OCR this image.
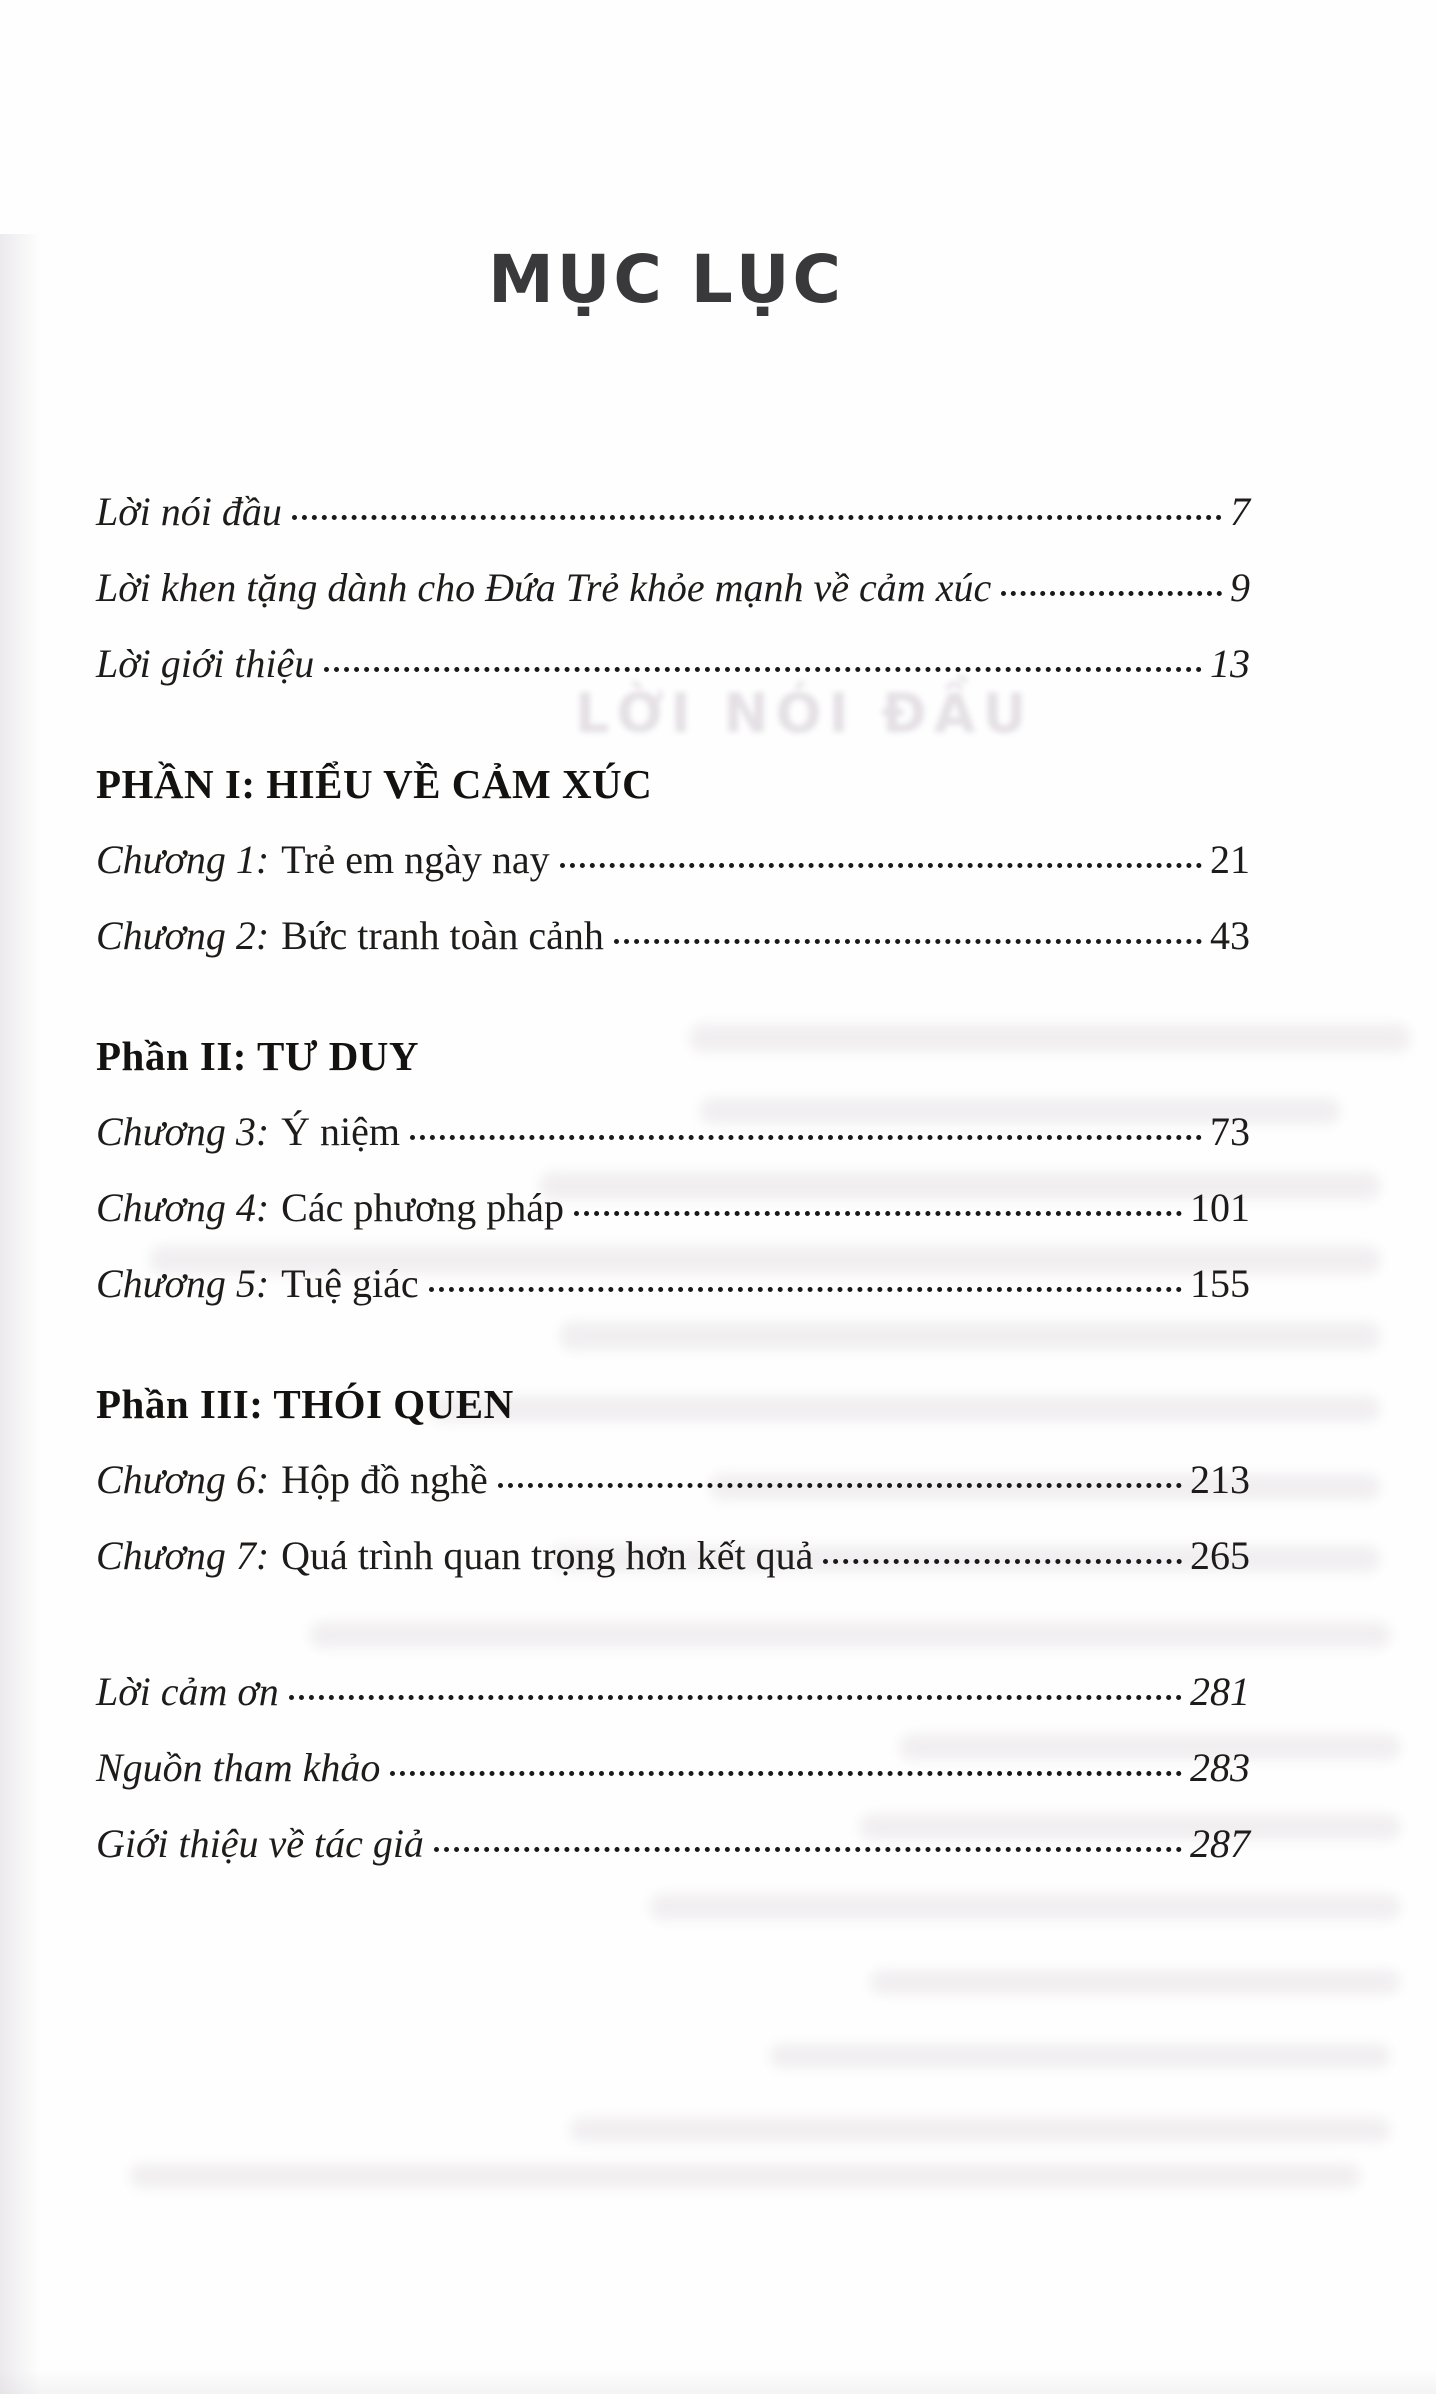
LỜI NÓI ĐẦU
MỤC LỤC
Lời nói đầu	7
Lời khen tặng dành cho Đứa Trẻ khỏe mạnh về cảm xúc	9
Lời giới thiệu	13
PHẦN I: HIỂU VỀ CẢM XÚC
Chương 1: Trẻ em ngày nay	21
Chương 2: Bức tranh toàn cảnh	43
Phần II: TƯ DUY
Chương 3: Ý niệm	73
Chương 4: Các phương pháp	101
Chương 5: Tuệ giác	155
Phần III: THÓI QUEN
Chương 6: Hộp đồ nghề	213
Chương 7: Quá trình quan trọng hơn kết quả	265
Lời cảm ơn	281
Nguồn tham khảo	283
Giới thiệu về tác giả	287
